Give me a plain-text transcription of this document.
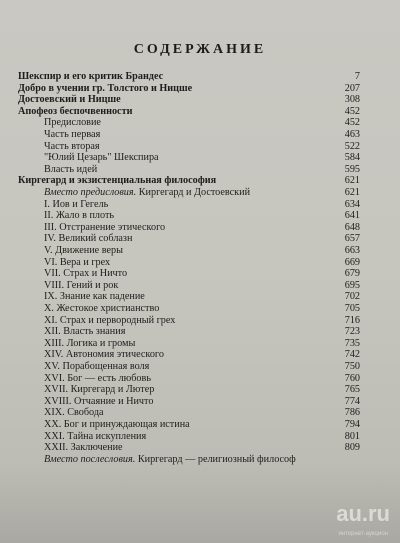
СОДЕРЖАНИЕ
Шекспир и его критик Брандес	7
Добро в учении гр. Толстого и Ницше	207
Достоевский и Ницше	308
Апофеоз беспочвенности	452
Предисловие	452
Часть первая	463
Часть вторая	522
"Юлий Цезарь" Шекспира	584
Власть идей	595
Киргегард и экзистенциальная философия	621
Вместо предисловия. Киргегард и Достоевский	621
I. Иов и Гегель	634
II. Жало в плоть	641
III. Отстранение этического	648
IV. Великий соблазн	657
V. Движение веры	663
VI. Вера и грех	669
VII. Страх и Ничто	679
VIII. Гений и рок	695
IX. Знание как падение	702
X. Жестокое христианство	705
XI. Страх и первородный грех	716
XII. Власть знания	723
XIII. Логика и громы	735
XIV. Автономия этического	742
XV. Порабощенная воля	750
XVI. Бог — есть любовь	760
XVII. Киргегард и Лютер	765
XVIII. Отчаяние и Ничто	774
XIX. Свобода	786
XX. Бог и принуждающая истина	794
XXI. Тайна искупления	801
XXII. Заключение	809
Вместо послесловия. Киргегард — религиозный философ
au.ru
интернет-аукцион
